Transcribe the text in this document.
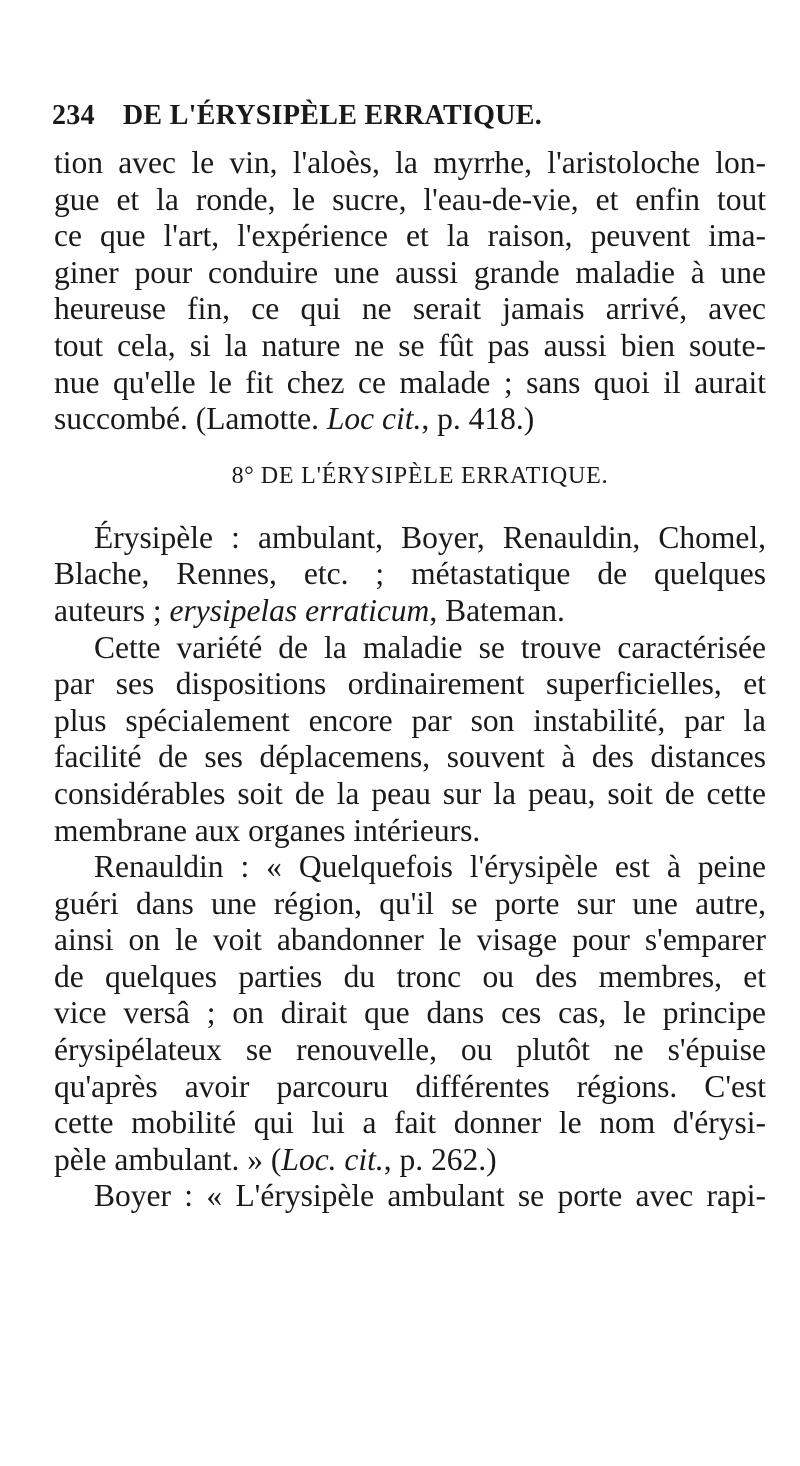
234 DE L'ÉRYSIPÈLE ERRATIQUE.
tion avec le vin, l'aloès, la myrrhe, l'aristoloche lon-
gue et la ronde, le sucre, l'eau-de-vie, et enfin tout
ce que l'art, l'expérience et la raison, peuvent ima-
giner pour conduire une aussi grande maladie à une
heureuse fin, ce qui ne serait jamais arrivé, avec
tout cela, si la nature ne se fût pas aussi bien soute-
nue qu'elle le fit chez ce malade ; sans quoi il aurait
succombé. (Lamotte. Loc cit., p. 418.)
8° DE L'ÉRYSIPÈLE ERRATIQUE.
Érysipèle : ambulant, Boyer, Renauldin, Chomel,
Blache, Rennes, etc. ; métastatique de quelques
auteurs ; erysipelas erraticum, Bateman.
Cette variété de la maladie se trouve caractérisée
par ses dispositions ordinairement superficielles, et
plus spécialement encore par son instabilité, par la
facilité de ses déplacemens, souvent à des distances
considérables soit de la peau sur la peau, soit de cette
membrane aux organes intérieurs.
Renauldin : « Quelquefois l'érysipèle est à peine
guéri dans une région, qu'il se porte sur une autre,
ainsi on le voit abandonner le visage pour s'emparer
de quelques parties du tronc ou des membres, et
vice versâ ; on dirait que dans ces cas, le principe
érysipélateux se renouvelle, ou plutôt ne s'épuise
qu'après avoir parcouru différentes régions. C'est
cette mobilité qui lui a fait donner le nom d'érysi-
pèle ambulant. » (Loc. cit., p. 262.)
Boyer : « L'érysipèle ambulant se porte avec rapi-
